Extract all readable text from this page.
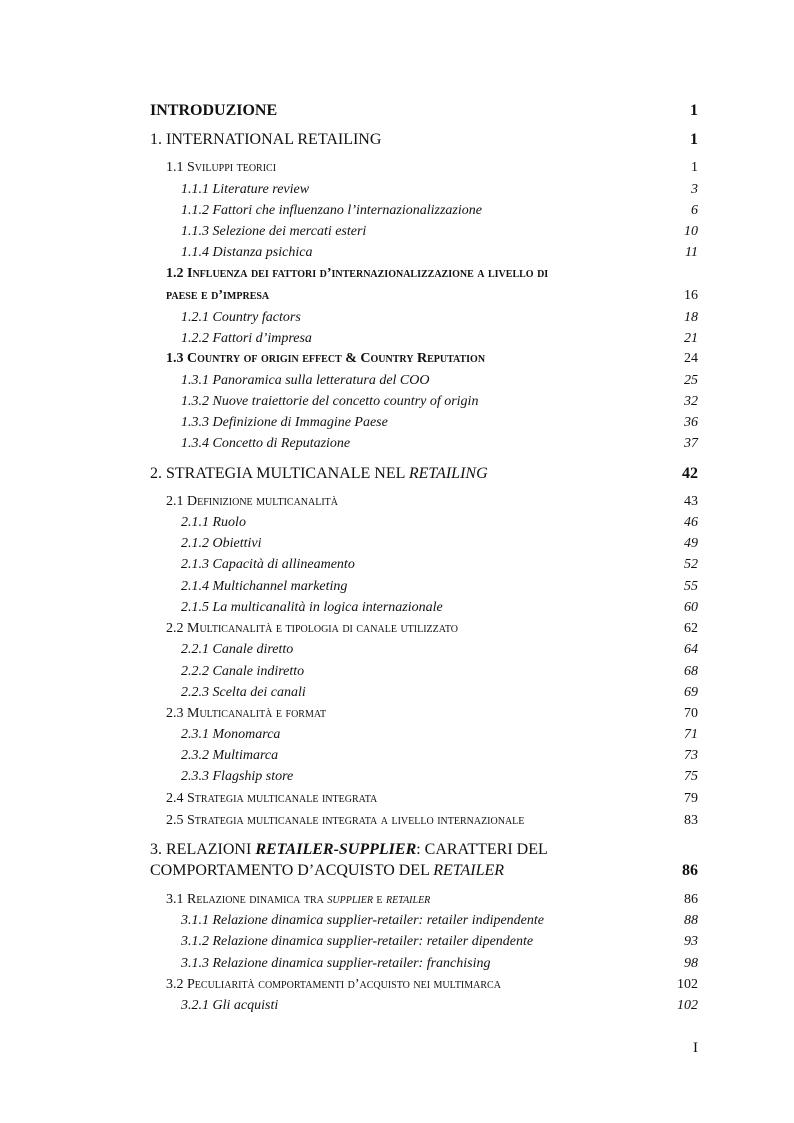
INTRODUZIONE	1
1. INTERNATIONAL RETAILING	1
1.1 Sviluppi teorici	1
1.1.1 Literature review	3
1.1.2 Fattori che influenzano l’internazionalizzazione	6
1.1.3 Selezione dei mercati esteri	10
1.1.4 Distanza psichica	11
1.2 Influenza dei fattori d’internazionalizzazione a livello di
paese e d’impresa	16
1.2.1 Country factors	18
1.2.2 Fattori d’impresa	21
1.3 Country of origin effect & Country Reputation	24
1.3.1 Panoramica sulla letteratura del COO	25
1.3.2 Nuove traiettorie del concetto country of origin	32
1.3.3 Definizione di Immagine Paese	36
1.3.4 Concetto di Reputazione	37
2. STRATEGIA MULTICANALE NEL RETAILING	42
2.1 Definizione multicanalità	43
2.1.1 Ruolo	46
2.1.2 Obiettivi	49
2.1.3 Capacità di allineamento	52
2.1.4 Multichannel marketing	55
2.1.5 La multicanalità in logica internazionale	60
2.2 Multicanalità e tipologia di canale utilizzato	62
2.2.1 Canale diretto	64
2.2.2 Canale indiretto	68
2.2.3 Scelta dei canali	69
2.3 Multicanalità e format	70
2.3.1 Monomarca	71
2.3.2 Multimarca	73
2.3.3 Flagship store	75
2.4 Strategia multicanale integrata	79
2.5 Strategia multicanale integrata a livello internazionale	83
3. RELAZIONI RETAILER-SUPPLIER: CARATTERI DEL
COMPORTAMENTO D’ACQUISTO DEL RETAILER	86
3.1 Relazione dinamica tra supplier e retailer	86
3.1.1 Relazione dinamica supplier-retailer: retailer indipendente	88
3.1.2 Relazione dinamica supplier-retailer: retailer dipendente	93
3.1.3 Relazione dinamica supplier-retailer: franchising	98
3.2 Peculiarità comportamenti d’acquisto nei multimarca	102
3.2.1 Gli acquisti	102
I
